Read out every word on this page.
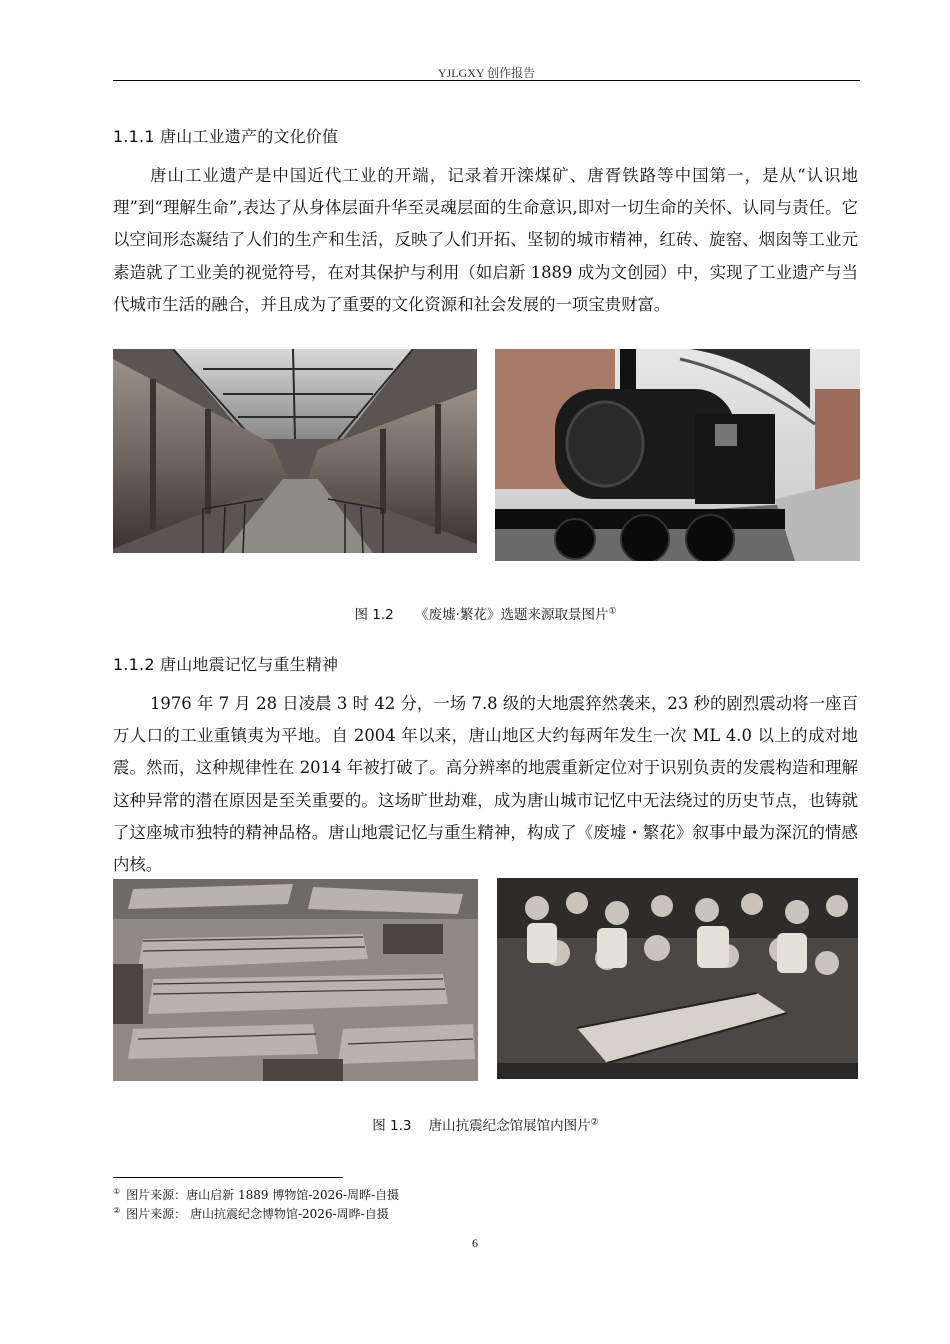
YJLGXY 创作报告
1.1.1 唐山工业遗产的文化价值

唐山工业遗产是中国近代工业的开端，记录着开滦煤矿、唐胥铁路等中国第一，是从“认识地理”到“理解生命”,表达了从身体层面升华至灵魂层面的生命意识,即对一切生命的关怀、认同与责任。它以空间形态凝结了人们的生产和生活，反映了人们开拓、坚韧的城市精神，红砖、旋窑、烟囱等工业元素造就了工业美的视觉符号，在对其保护与利用（如启新 1889 成为文创园）中，实现了工业遗产与当代城市生活的融合，并且成为了重要的文化资源和社会发展的一项宝贵财富。

图 1.2 《废墟·繁花》选题来源取景图片①
1.1.2 唐山地震记忆与重生精神

1976 年 7 月 28 日凌晨 3 时 42 分，一场 7.8 级的大地震猝然袭来，23 秒的剧烈震动将一座百万人口的工业重镇夷为平地。自 2004 年以来，唐山地区大约每两年发生一次 ML 4.0 以上的成对地震。然而，这种规律性在 2014 年被打破了。高分辨率的地震重新定位对于识别负责的发震构造和理解这种异常的潜在原因是至关重要的。这场旷世劫难，成为唐山城市记忆中无法绕过的历史节点，也铸就了这座城市独特的精神品格。唐山地震记忆与重生精神，构成了《废墟・繁花》叙事中最为深沉的情感内核。

图 1.3 唐山抗震纪念馆展馆内图片②
① 图片来源：唐山启新 1889 博物馆-2026-周晔-自摄
② 图片来源： 唐山抗震纪念博物馆-2026-周晔-自摄
6
